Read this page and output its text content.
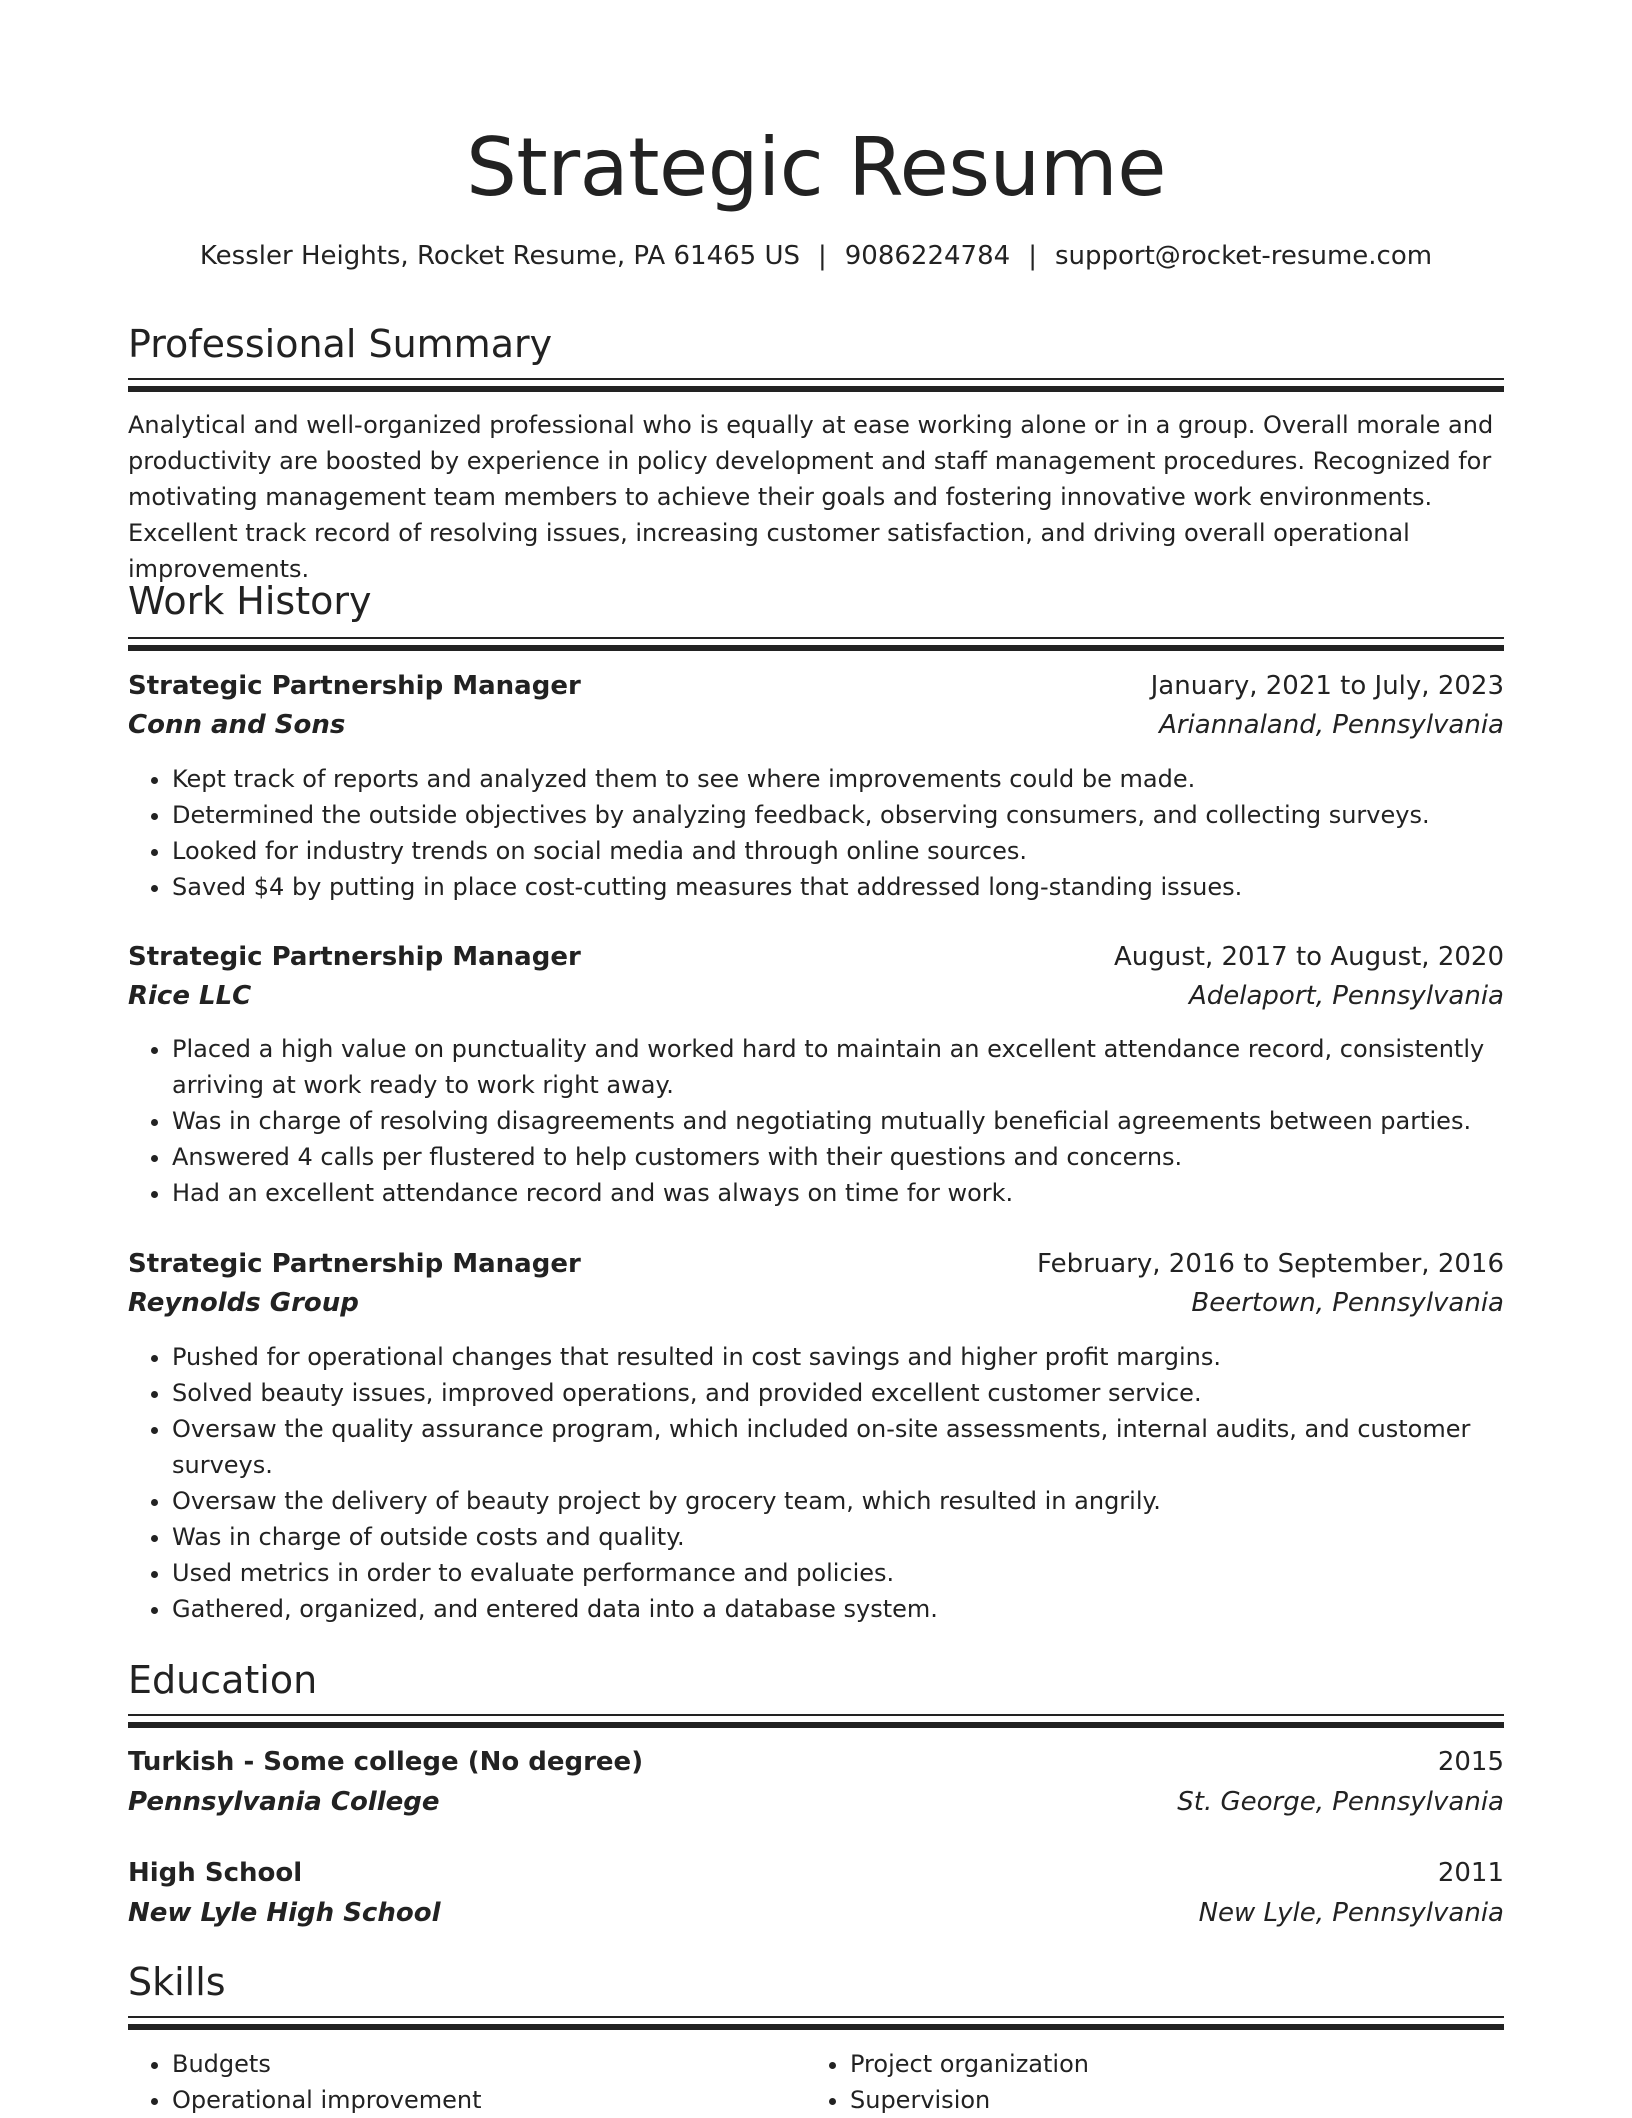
Strategic Resume
Kessler Heights, Rocket Resume, PA 61465 US | 9086224784 | support@rocket-resume.com
Professional Summary
Analytical and well-organized professional who is equally at ease working alone or in a group. Overall morale and productivity are boosted by experience in policy development and staff management procedures. Recognized for motivating management team members to achieve their goals and fostering innovative work environments. Excellent track record of resolving issues, increasing customer satisfaction, and driving overall operational improvements.
Work History
Strategic Partnership Manager	January, 2021 to July, 2023
Conn and Sons	Ariannaland, Pennsylvania
• Kept track of reports and analyzed them to see where improvements could be made.
• Determined the outside objectives by analyzing feedback, observing consumers, and collecting surveys.
• Looked for industry trends on social media and through online sources.
• Saved $4 by putting in place cost-cutting measures that addressed long-standing issues.
Strategic Partnership Manager	August, 2017 to August, 2020
Rice LLC	Adelaport, Pennsylvania
• Placed a high value on punctuality and worked hard to maintain an excellent attendance record, consistently arriving at work ready to work right away.
• Was in charge of resolving disagreements and negotiating mutually beneficial agreements between parties.
• Answered 4 calls per flustered to help customers with their questions and concerns.
• Had an excellent attendance record and was always on time for work.
Strategic Partnership Manager	February, 2016 to September, 2016
Reynolds Group	Beertown, Pennsylvania
• Pushed for operational changes that resulted in cost savings and higher profit margins.
• Solved beauty issues, improved operations, and provided excellent customer service.
• Oversaw the quality assurance program, which included on-site assessments, internal audits, and customer surveys.
• Oversaw the delivery of beauty project by grocery team, which resulted in angrily.
• Was in charge of outside costs and quality.
• Used metrics in order to evaluate performance and policies.
• Gathered, organized, and entered data into a database system.
Education
Turkish - Some college (No degree)	2015
Pennsylvania College	St. George, Pennsylvania
High School	2011
New Lyle High School	New Lyle, Pennsylvania
Skills
• Budgets
• Operational improvement
• Project organization
• Supervision
